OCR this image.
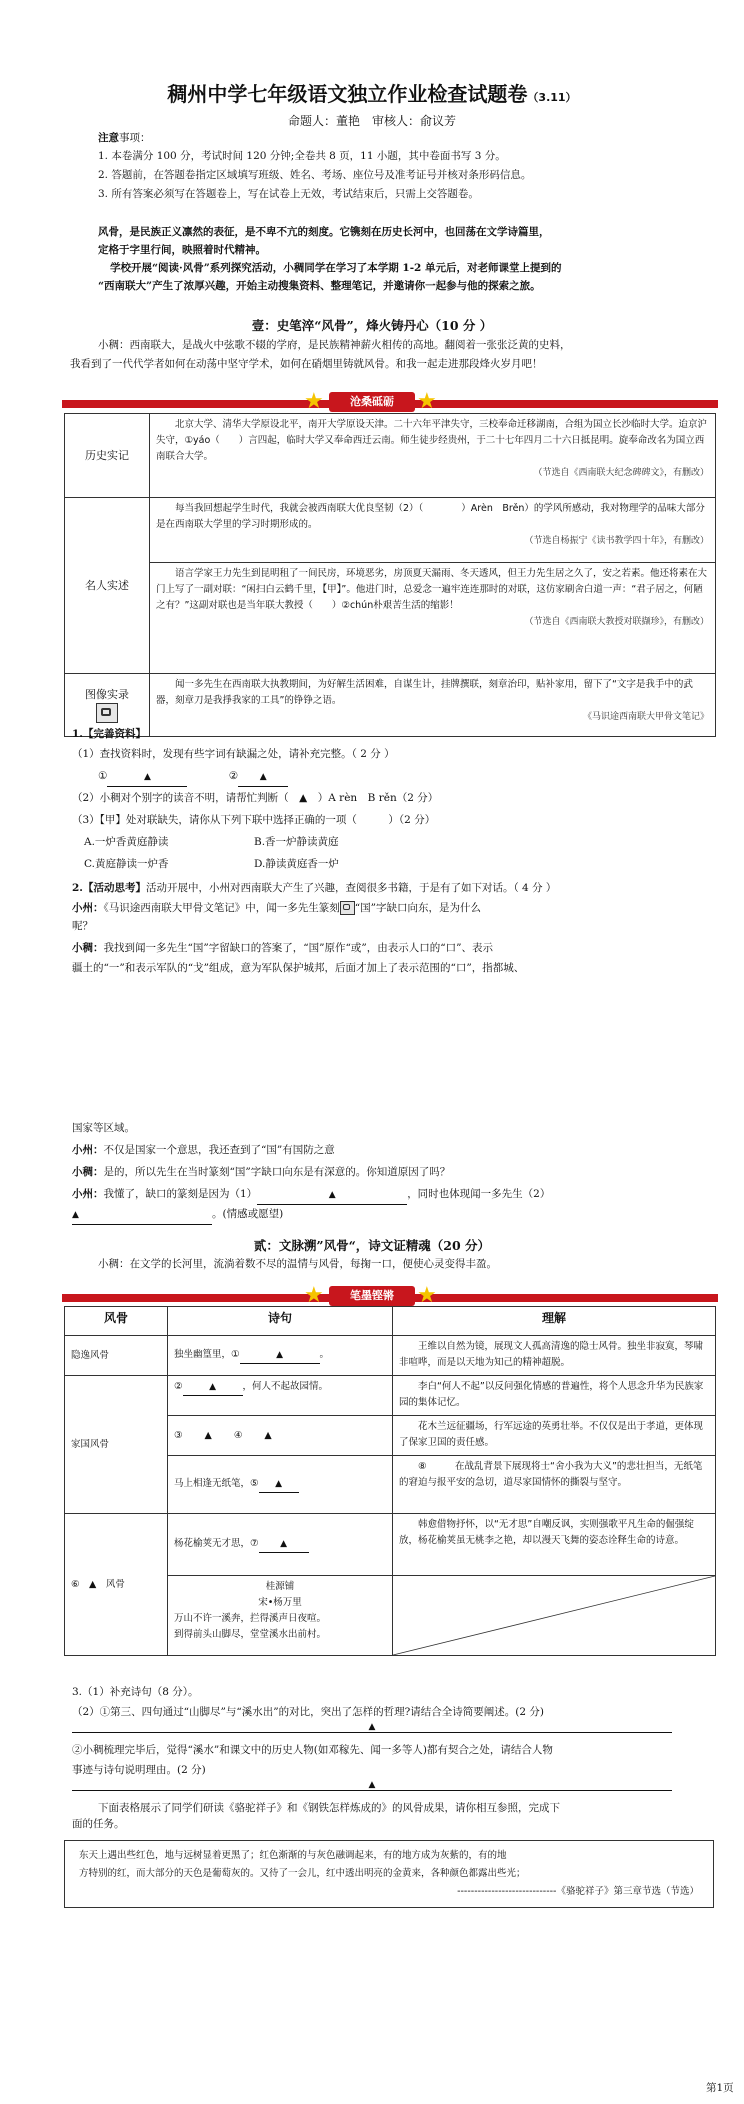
稠州中学七年级语文独立作业检查试题卷（3.11）
命题人：董艳　审核人：俞议芳
注意事项：
1. 本卷满分 100 分，考试时间 120 分钟;全卷共 8 页，11 小题，其中卷面书写 3 分。
2. 答题前，在答题卷指定区域填写班级、姓名、考场、座位号及准考证号并核对条形码信息。
3. 所有答案必须写在答题卷上，写在试卷上无效，考试结束后，只需上交答题卷。
风骨，是民族正义凛然的表征，是不卑不亢的刻度。它镌刻在历史长河中，也回荡在文学诗篇里，
定格于字里行间，映照着时代精神。
学校开展“阅读·风骨”系列探究活动，小稠同学在学习了本学期 1-2 单元后，对老师课堂上提到的
“西南联大”产生了浓厚兴趣，开始主动搜集资料、整理笔记，并邀请你一起参与他的探索之旅。
壹：史笔淬“风骨”，烽火铸丹心（10 分 ）
小稠：西南联大，是战火中弦歌不辍的学府，是民族精神薪火相传的高地。翻阅着一张张泛黄的史料，
我看到了一代代学者如何在动荡中坚守学术，如何在硝烟里铸就风骨。和我一起走进那段烽火岁月吧！
★	沧桑砥砺	★
历史实记	北京大学、清华大学原设北平，南开大学原设天津。二十六年平津失守，三校奉命迁移湖南，合组为国立长沙临时大学。迨京沪失守，①yáo（　　）言四起，临时大学又奉命西迁云南。师生徒步经贵州，于二十七年四月二十六日抵昆明。旋奉命改名为国立西南联合大学。
（节选自《西南联大纪念碑碑文》，有删改）

名人实述	每当我回想起学生时代，我就会被西南联大优良坚韧（2）（　　　　）Arèn　Brěn）的学风所感动，我对物理学的品味大部分是在西南联大学里的学习时期形成的。
（节选自杨振宁《读书教学四十年》，有删改）

	语言学家王力先生到昆明租了一间民房，环境恶劣，房顶夏天漏雨、冬天透风，但王力先生居之久了，安之若素。他还将素在大门上写了一副对联：“闲扫白云鹤千里，【甲】”。他进门时，总爱念一遍牢连连那时的对联，这仿家刷舍白道一声：“君子居之，何陋之有？”这副对联也是当年联大教授（　　）②chún朴艰苦生活的缩影！
（节选自《西南联大教授对联撷珍》，有删改）

图像实录	闻一多先生在西南联大执教期间，为好解生活困难，自谋生计，挂牌撰联，刻章治印，贴补家用，留下了“文字是我手中的武器，刻章刀是我掙我家的工具”的铮铮之语。
《马识途西南联大甲骨文笔记》
1.【完善资料】
（1）查找资料时，发现有些字词有缺漏之处，请补充完整。（ 2 分 ）
①	▲	② ▲
（2）小稠对个别字的读音不明，请帮忙判断（　▲　）A rèn　B rěn（2 分）
（3）【甲】处对联缺失，请你从下列下联中选择正确的一项（　　　）（2 分）
A.一炉香黄庭静读	B.香一炉静读黄庭
C.黄庭静读一炉香	D.静读黄庭香一炉
2.【活动思考】活动开展中，小州对西南联大产生了兴趣，查阅很多书籍，于是有了如下对话。（ 4 分 ）
小州：《马识途西南联大甲骨文笔记》中，闻一多先生篆刻 “国”字缺口向东，是为什么
呢？
小稠：我找到闻一多先生“国”字留缺口的答案了，“国”原作“或”，由表示人口的“口”、表示
疆土的“一”和表示军队的“戈”组成，意为军队保护城邦，后面才加上了表示范围的“口”，指都城、
国家等区域。
小州：不仅是国家一个意思，我还查到了“国”有国防之意
小稠：是的，所以先生在当时篆刻“国”字缺口向东是有深意的。你知道原因了吗？
小州：我懂了，缺口的篆刻是因为（1）	▲	，同时也体现闻一多先生（2）
▲	。(情感或愿望)
贰：文脉溯”风骨“，诗文证精魂（20 分）
小稠：在文学的长河里，流淌着数不尽的温情与风骨，每掬一口，便使心灵变得丰盈。
★	笔墨铿锵	★
风骨	诗句	理解
隐逸风骨	独坐幽篁里，① ▲ 。	王维以自然为镜，展现文人孤高清逸的隐士风骨。独坐非寂寞，琴啸非喧哗，而是以天地为知己的精神超脱。
家国风骨	② ▲ ，何人不起故园情。	李白“何人不起”以反问强化情感的普遍性，将个人思念升华为民族家园的集体记忆。
	③ 　　▲　　 ④ 　　▲　　	花木兰远征疆场，行军远途的英勇壮举。不仅仅是出于孝道，更体现了保家卫国的责任感。
	马上相逢无纸笔，⑤ ▲	⑧　　　在战乱背景下展现将士“舍小我为大义”的悲壮担当，无纸笔的窘迫与报平安的急切，道尽家国情怀的撕裂与坚守。
⑥　▲　风骨	杨花榆荚无才思，⑦ ▲	韩愈借物抒怀，以“无才思”自嘲反讽，实则强歌平凡生命的倔强绽放，杨花榆荚虽无桃李之艳，却以漫天飞舞的姿态诠释生命的诗意。

	桂源铺
宋•杨万里
万山不许一溪奔，拦得溪声日夜喧。
到得前头山脚尽，堂堂溪水出前村。

3.（1）补充诗句（8 分）。
（2）①第三、四句通过“山脚尽”与“溪水出”的对比，突出了怎样的哲理?请结合全诗简要阐述。(2 分)
▲
②小稠梳理完毕后，觉得“溪水”和课文中的历史人物(如邓稼先、闻一多等人)都有契合之处，请结合人物
事迹与诗句说明理由。(2 分)
▲
下面表格展示了同学们研读《骆驼祥子》和《钢铁怎样炼成的》的风骨成果，请你相互参照，完成下
面的任务。
东天上遇出些红色，地与远树显着更黑了；红色渐渐的与灰色融调起来，有的地方成为灰紫的，有的地
方特别的红，而大部分的天色是葡萄灰的。又待了一会儿，红中透出明亮的金黄来，各种颜色都露出些光；
-----------------------------《骆驼祥子》第三章节选（节选）
第1页
